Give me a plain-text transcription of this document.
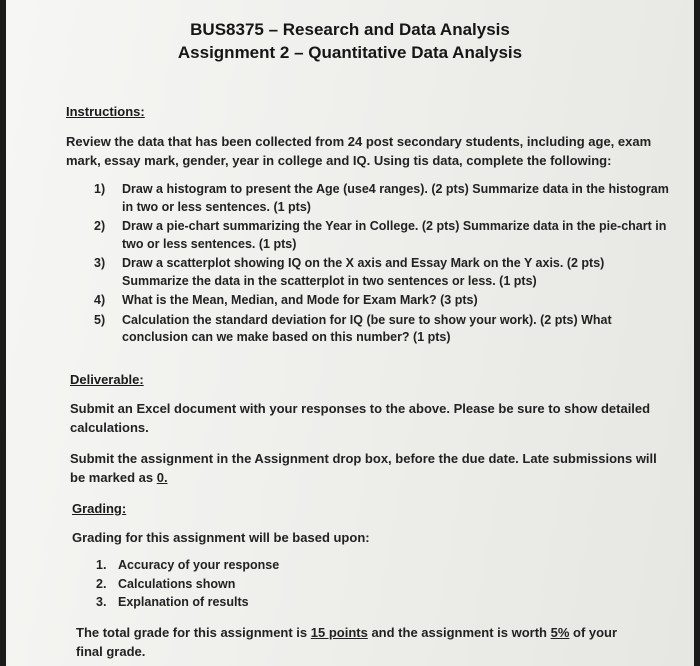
BUS8375 – Research and Data Analysis
Assignment 2 – Quantitative Data Analysis
Instructions:
Review the data that has been collected from 24 post secondary students, including age, exam mark, essay mark, gender, year in college and IQ. Using tis data, complete the following:
1) Draw a histogram to present the Age (use4 ranges). (2 pts) Summarize data in the histogram in two or less sentences. (1 pts)
2) Draw a pie-chart summarizing the Year in College. (2 pts) Summarize data in the pie-chart in two or less sentences. (1 pts)
3) Draw a scatterplot showing IQ on the X axis and Essay Mark on the Y axis. (2 pts) Summarize the data in the scatterplot in two sentences or less. (1 pts)
4) What is the Mean, Median, and Mode for Exam Mark? (3 pts)
5) Calculation the standard deviation for IQ (be sure to show your work). (2 pts) What conclusion can we make based on this number? (1 pts)
Deliverable:
Submit an Excel document with your responses to the above. Please be sure to show detailed calculations.
Submit the assignment in the Assignment drop box, before the due date. Late submissions will be marked as 0.
Grading:
Grading for this assignment will be based upon:
1. Accuracy of your response
2. Calculations shown
3. Explanation of results
The total grade for this assignment is 15 points and the assignment is worth 5% of your final grade.
